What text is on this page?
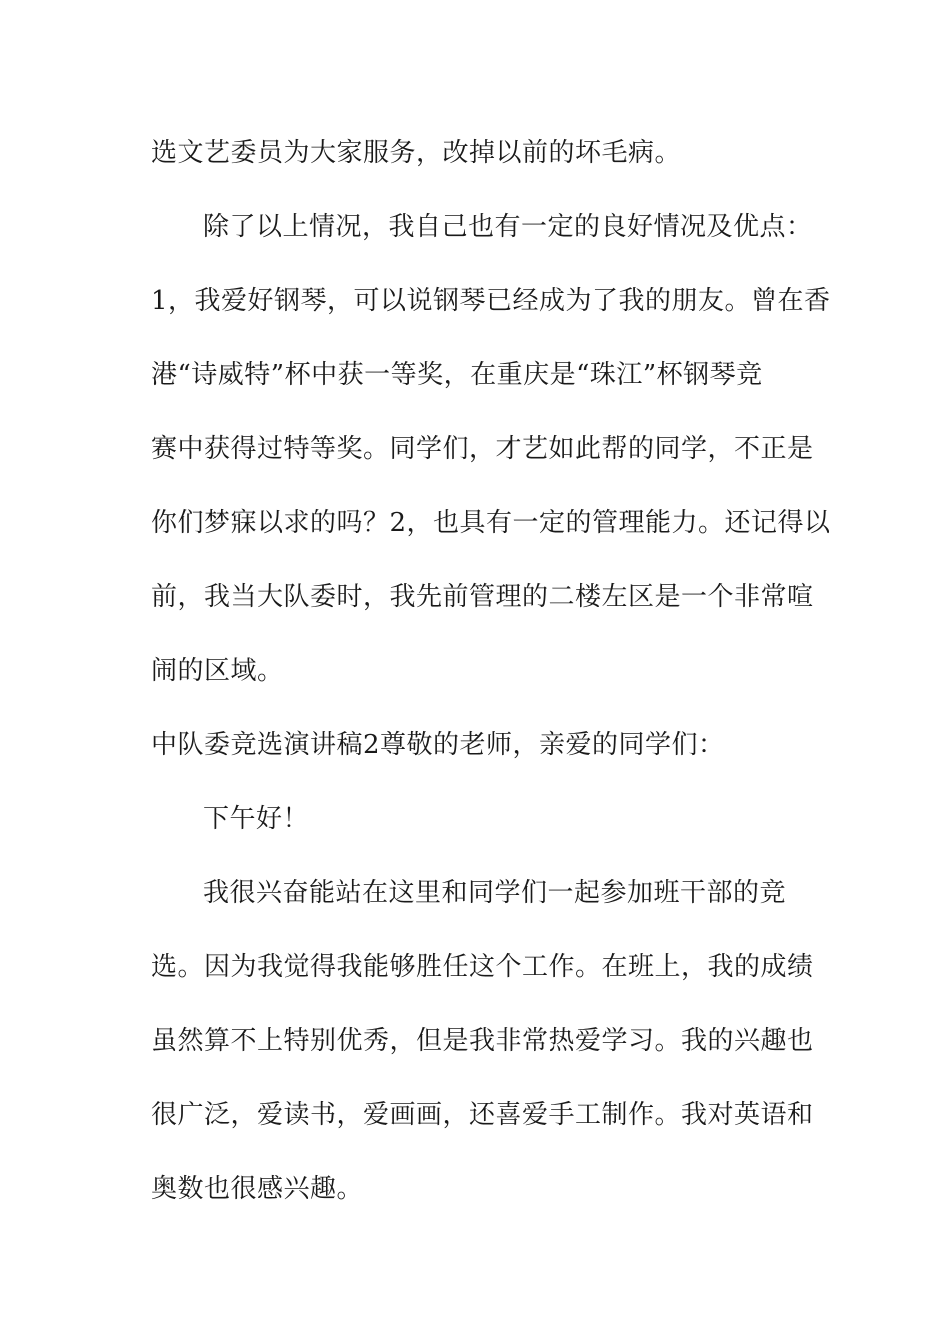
选文艺委员为大家服务，改掉以前的坏毛病。
除了以上情况，我自己也有一定的良好情况及优点：
1，我爱好钢琴，可以说钢琴已经成为了我的朋友。曾在香
港“诗威特”杯中获一等奖，在重庆是“珠江”杯钢琴竞
赛中获得过特等奖。同学们，才艺如此帮的同学，不正是
你们梦寐以求的吗？2，也具有一定的管理能力。还记得以
前，我当大队委时，我先前管理的二楼左区是一个非常喧
闹的区域。
中队委竞选演讲稿2尊敬的老师，亲爱的同学们：
下午好！
我很兴奋能站在这里和同学们一起参加班干部的竞
选。因为我觉得我能够胜任这个工作。在班上，我的成绩
虽然算不上特别优秀，但是我非常热爱学习。我的兴趣也
很广泛，爱读书，爱画画，还喜爱手工制作。我对英语和
奥数也很感兴趣。
